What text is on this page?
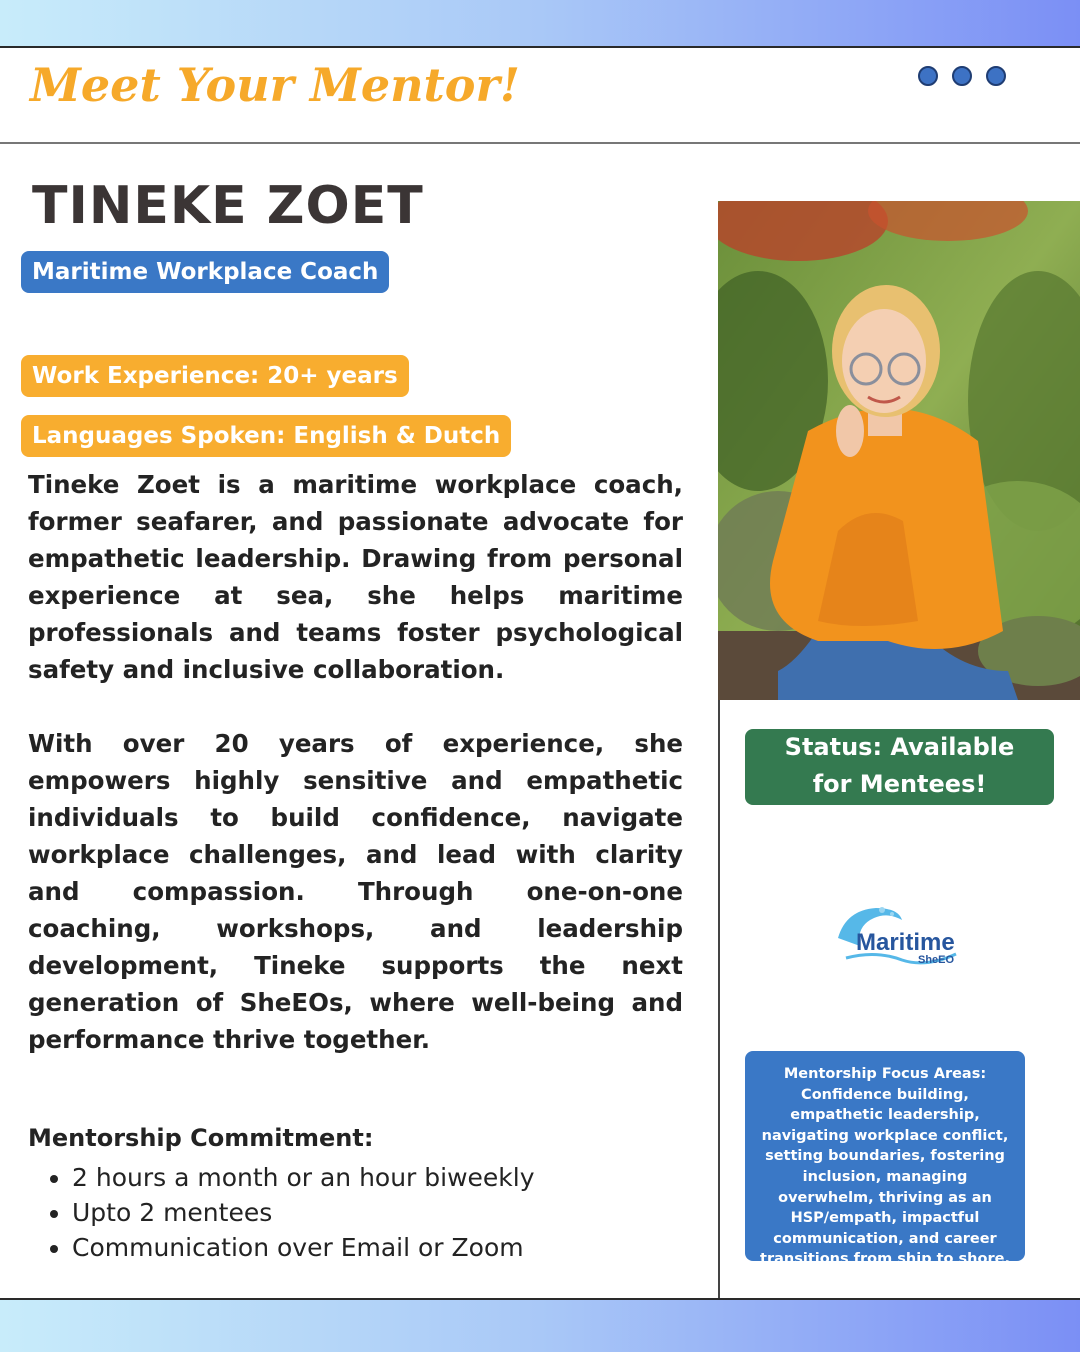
Meet Your Mentor!
TINEKE ZOET
Maritime Workplace Coach
Work Experience: 20+ years
Languages Spoken: English & Dutch

Tineke Zoet is a maritime workplace coach, former seafarer, and passionate advocate for empathetic leadership. Drawing from personal experience at sea, she helps maritime professionals and teams foster psychological safety and inclusive collaboration.

With over 20 years of experience, she empowers highly sensitive and empathetic individuals to build confidence, navigate workplace challenges, and lead with clarity and compassion. Through one-on-one coaching, workshops, and leadership development, Tineke supports the next generation of SheEOs, where well-being and performance thrive together.

Mentorship Commitment:
• 2 hours a month or an hour biweekly
• Upto 2 mentees
• Communication over Email or Zoom
Status: Available
for Mentees!
Maritime
SheEO
Mentorship Focus Areas: Confidence building, empathetic leadership, navigating workplace conflict, setting boundaries, fostering inclusion, managing overwhelm, thriving as an HSP/empath, impactful communication, and career transitions from ship to shore.
